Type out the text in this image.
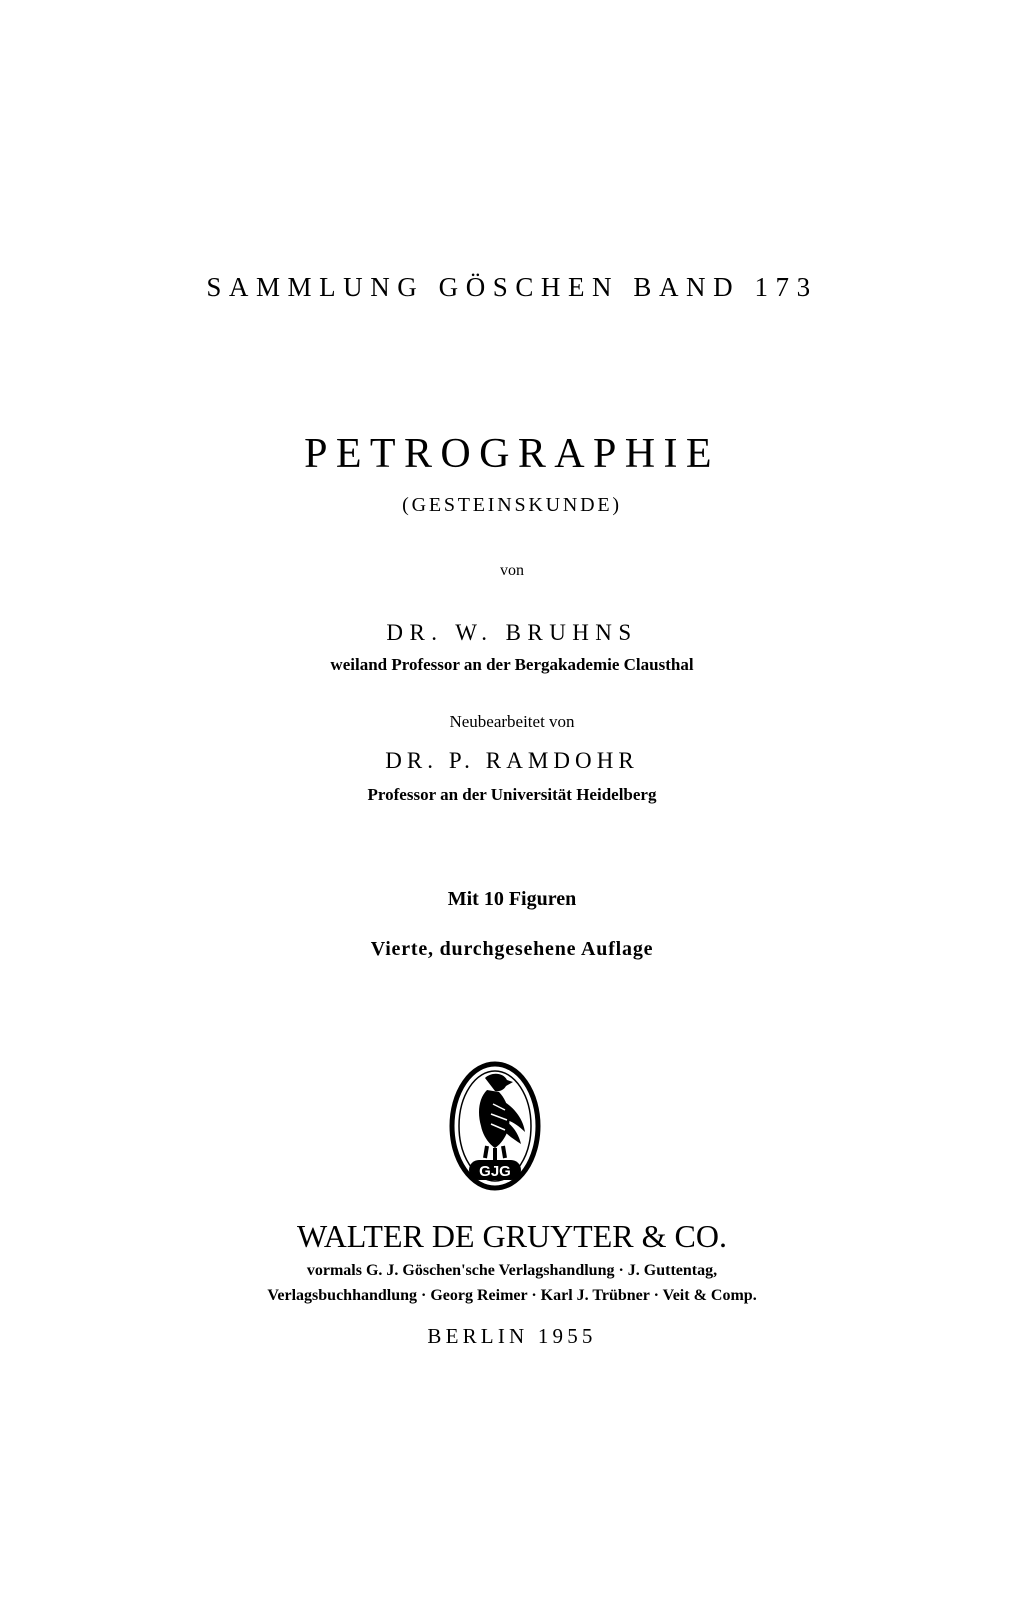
SAMMLUNG GÖSCHEN BAND 173
PETROGRAPHIE
(GESTEINSKUNDE)
von
DR. W. BRUHNS
weiland Professor an der Bergakademie Clausthal
Neubearbeitet von
DR. P. RAMDOHR
Professor an der Universität Heidelberg
Mit 10 Figuren
Vierte, durchgesehene Auflage
GJG
WALTER DE GRUYTER & CO.
vormals G. J. Göschen'sche Verlagshandlung · J. Guttentag,
Verlagsbuchhandlung · Georg Reimer · Karl J. Trübner · Veit & Comp.
BERLIN 1955
